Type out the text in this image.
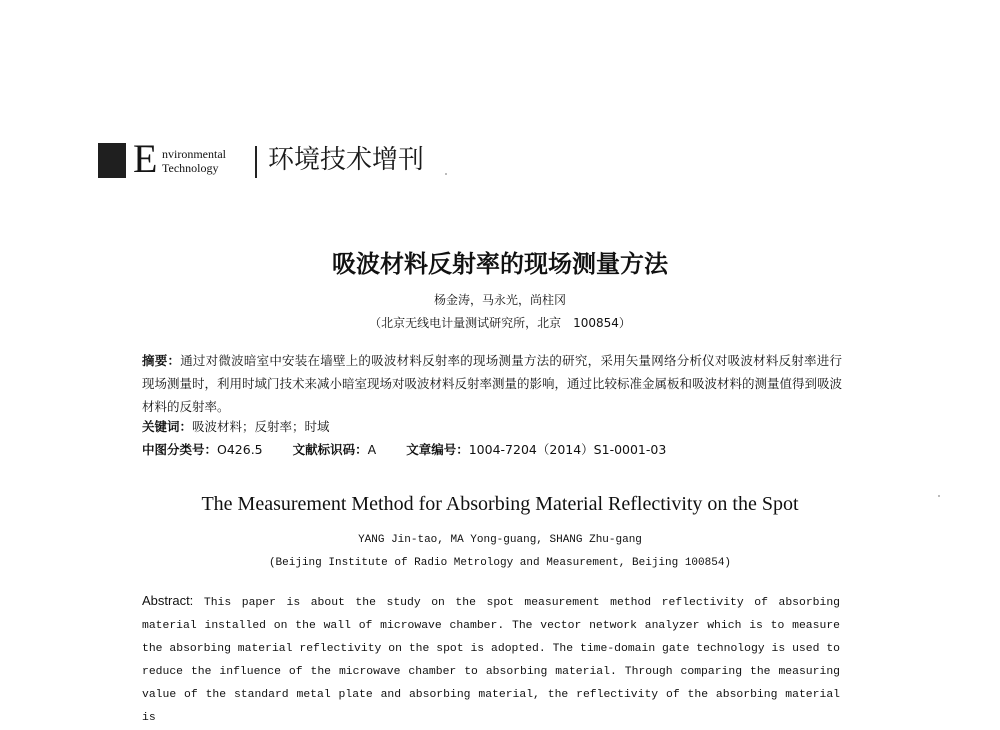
E nvironmental
Technology 环境技术增刊
吸波材料反射率的现场测量方法
杨金涛，马永光，尚柱冈
（北京无线电计量测试研究所，北京　100854）

摘要：通过对微波暗室中安装在墙壁上的吸波材料反射率的现场测量方法的研究，采用矢量网络分析仪对吸波材料反射率进行现场测量时，利用时域门技术来减小暗室现场对吸波材料反射率测量的影响，通过比较标准金属板和吸波材料的测量值得到吸波材料的反射率。

关键词：吸波材料；反射率；时域
中图分类号：O426.5 文献标识码：A 文章编号：1004-7204（2014）S1-0001-03
The Measurement Method for Absorbing Material Reflectivity on the Spot
YANG Jin-tao, MA Yong-guang, SHANG Zhu-gang
(Beijing Institute of Radio Metrology and Measurement, Beijing 100854)

Abstract: This paper is about the study on the spot measurement method reflectivity of absorbing material installed on the wall of microwave chamber. The vector network analyzer which is to measure the absorbing material reflectivity on the spot is adopted. The time-domain gate technology is used to reduce the influence of the microwave chamber to absorbing material. Through comparing the measuring value of the standard metal plate and absorbing material, the reflectivity of the absorbing material is
